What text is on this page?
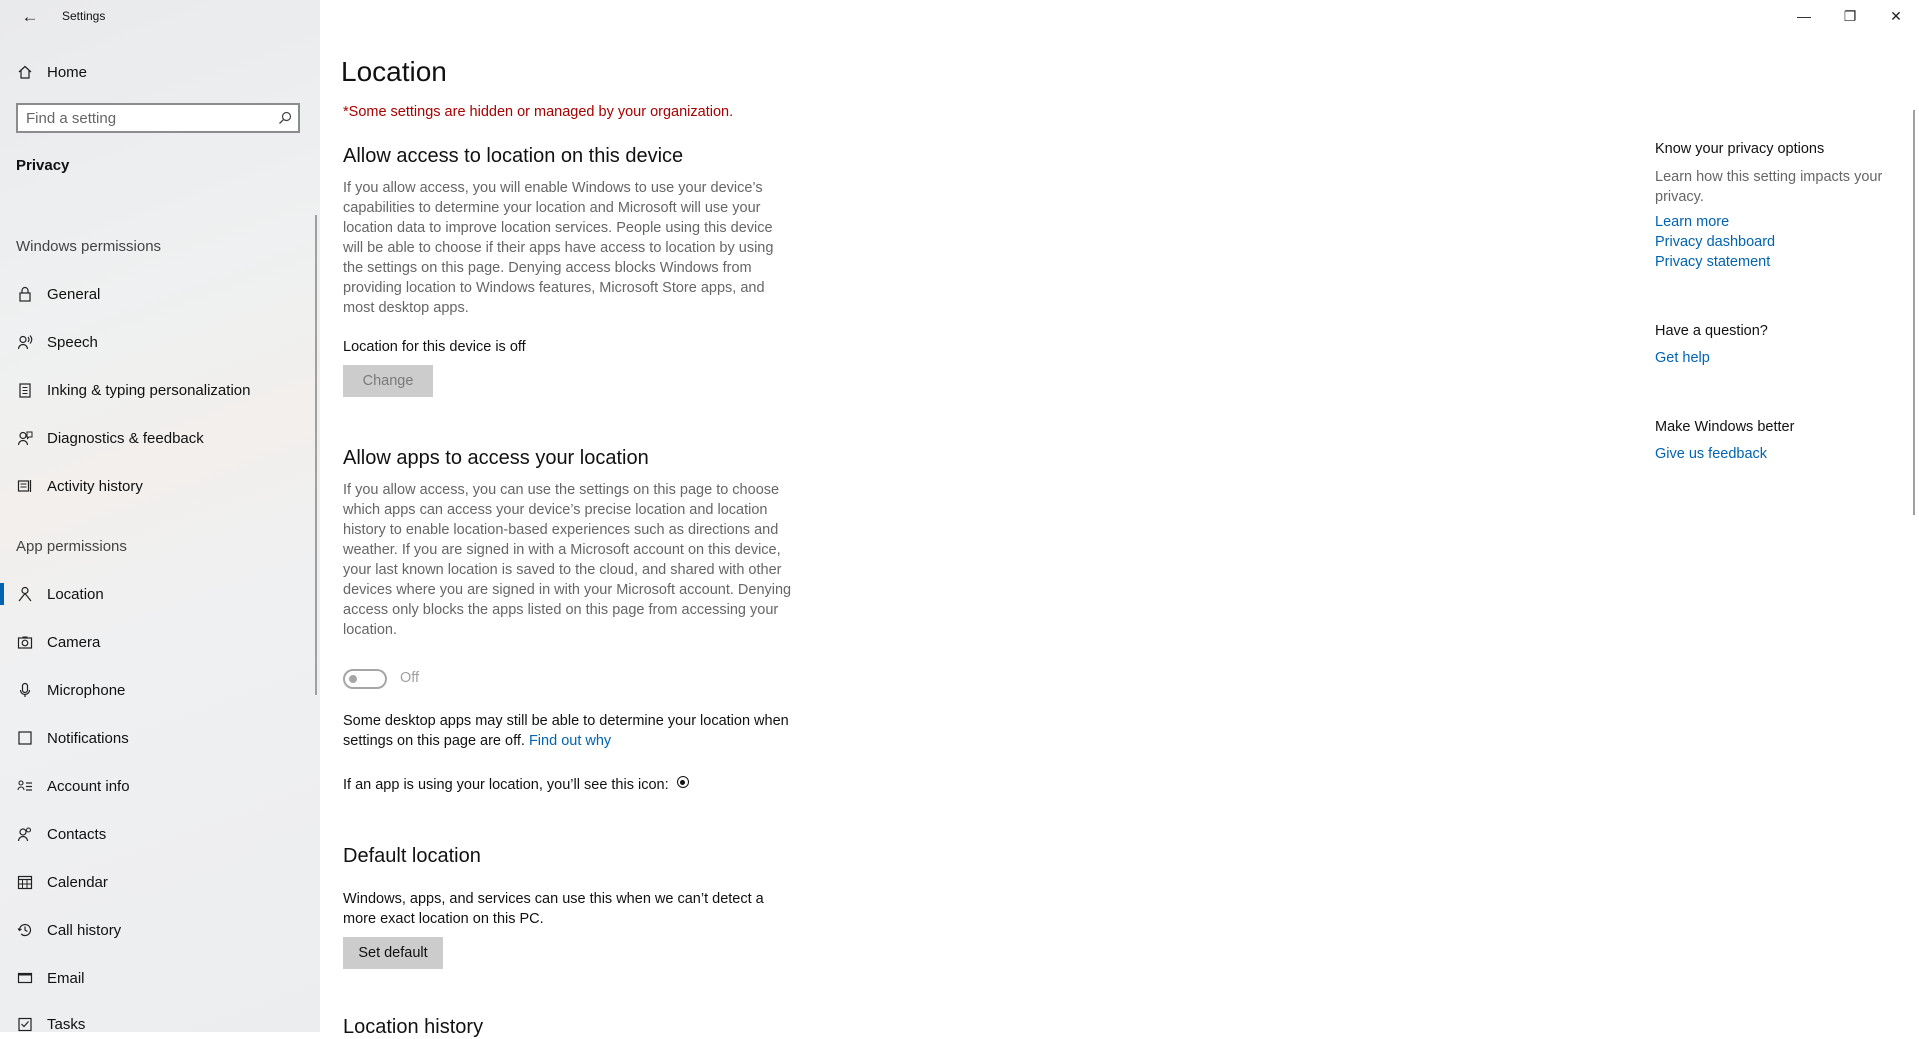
←	Settings
Home
Find a setting
Privacy
Windows permissions
General
Speech
Inking & typing personalization
Diagnostics & feedback
Activity history
App permissions
Location
Camera
Microphone
Notifications
Account info
Contacts
Calendar
Call history
Email
Tasks
—	❐	✕
Location
*Some settings are hidden or managed by your organization.
Allow access to location on this device
If you allow access, you will enable Windows to use your device’s capabilities to determine your location and Microsoft will use your location data to improve location services. People using this device will be able to choose if their apps have access to location by using the settings on this page. Denying access blocks Windows from providing location to Windows features, Microsoft Store apps, and most desktop apps.
Location for this device is off
Change
Allow apps to access your location
If you allow access, you can use the settings on this page to choose which apps can access your device’s precise location and location history to enable location-based experiences such as directions and weather. If you are signed in with a Microsoft account on this device, your last known location is saved to the cloud, and shared with other devices where you are signed in with your Microsoft account. Denying access only blocks the apps listed on this page from accessing your location.
Off
Some desktop apps may still be able to determine your location when settings on this page are off. Find out why
If an app is using your location, you’ll see this icon:
Default location
Windows, apps, and services can use this when we can’t detect a more exact location on this PC.
Set default
Location history
Know your privacy options
Learn how this setting impacts your privacy.
Learn more
Privacy dashboard
Privacy statement
Have a question?
Get help
Make Windows better
Give us feedback
